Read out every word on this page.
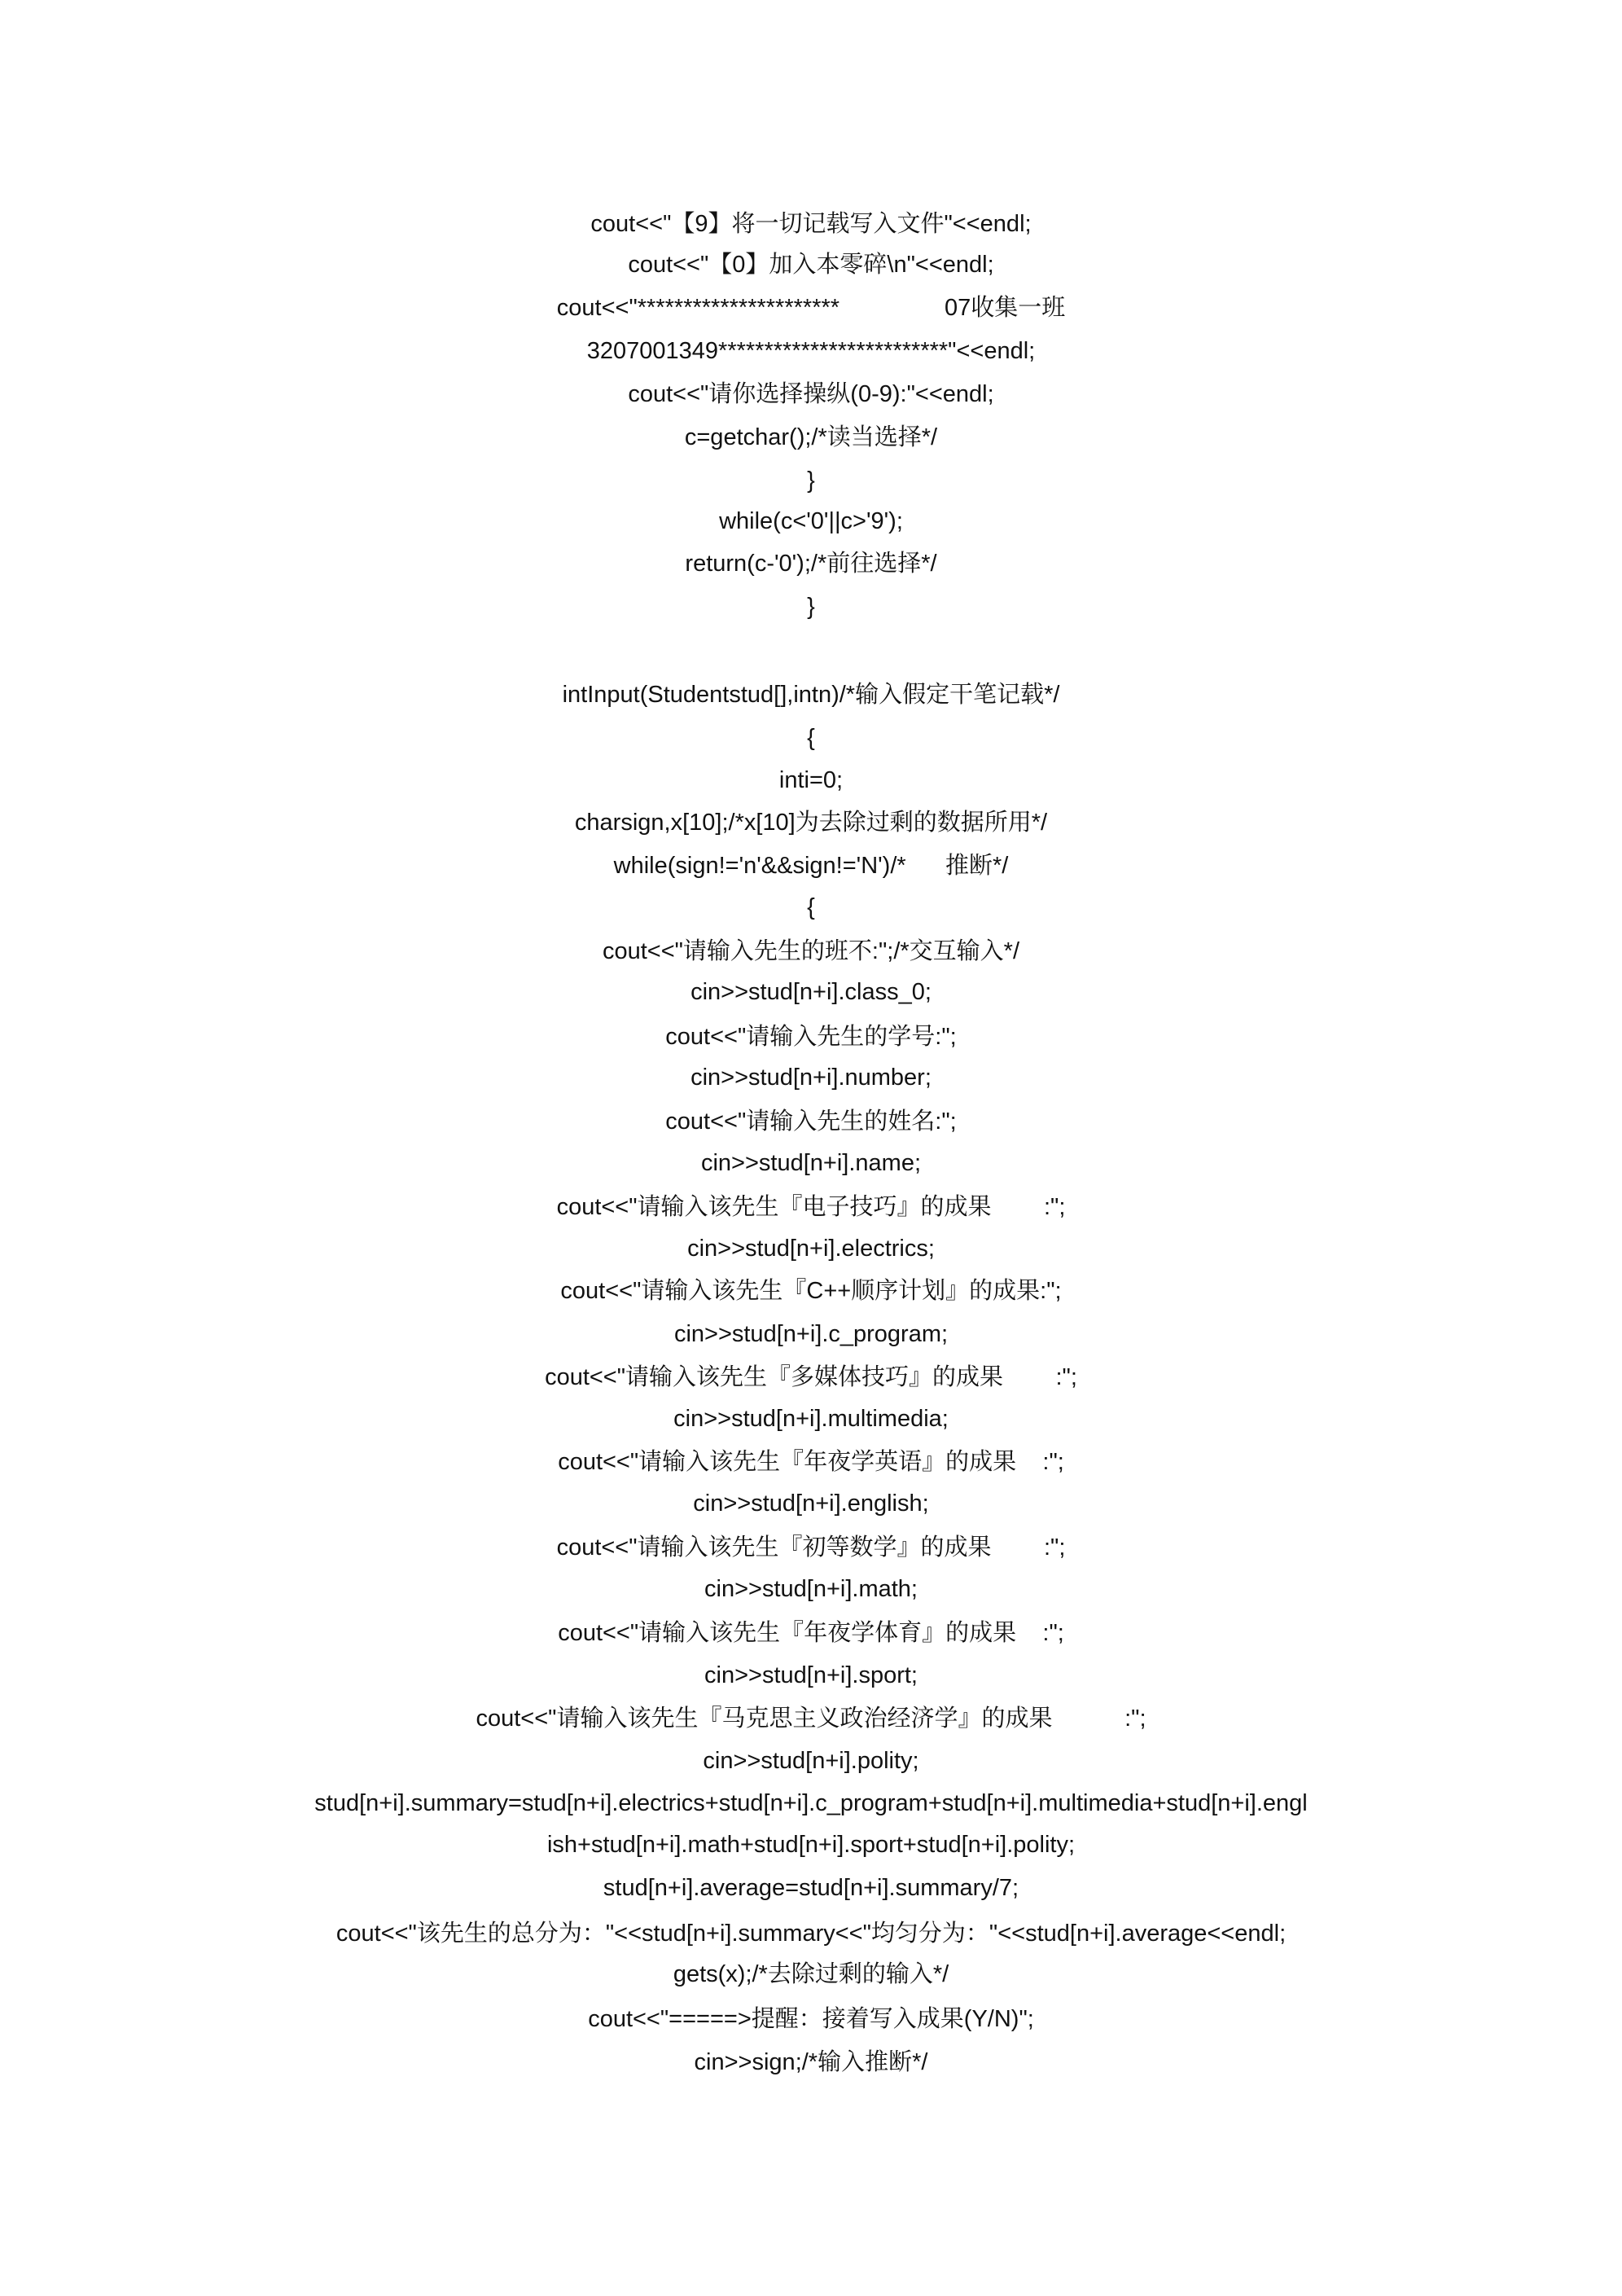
cout<<"【9】将一切记载写入文件"<<endl;
cout<<"【0】加入本零碎\n"<<endl;
cout<<"**********************                07收集一班
3207001349*************************"<<endl;
cout<<"请你选择操纵(0-9):"<<endl;
c=getchar();/*读当选择*/
}
while(c<'0'||c>'9');
return(c-'0');/*前往选择*/
}
intInput(Studentstud[],intn)/*输入假定干笔记载*/
{
inti=0;
charsign,x[10];/*x[10]为去除过剩的数据所用*/
while(sign!='n'&&sign!='N')/*      推断*/
{
cout<<"请输入先生的班不:";/*交互输入*/
cin>>stud[n+i].class_0;
cout<<"请输入先生的学号:";
cin>>stud[n+i].number;
cout<<"请输入先生的姓名:";
cin>>stud[n+i].name;
cout<<"请输入该先生『电子技巧』的成果        :";
cin>>stud[n+i].electrics;
cout<<"请输入该先生『C++顺序计划』的成果:";
cin>>stud[n+i].c_program;
cout<<"请输入该先生『多媒体技巧』的成果        :";
cin>>stud[n+i].multimedia;
cout<<"请输入该先生『年夜学英语』的成果    :";
cin>>stud[n+i].english;
cout<<"请输入该先生『初等数学』的成果        :";
cin>>stud[n+i].math;
cout<<"请输入该先生『年夜学体育』的成果    :";
cin>>stud[n+i].sport;
cout<<"请输入该先生『马克思主义政治经济学』的成果           :";
cin>>stud[n+i].polity;
stud[n+i].summary=stud[n+i].electrics+stud[n+i].c_program+stud[n+i].multimedia+stud[n+i].engl
ish+stud[n+i].math+stud[n+i].sport+stud[n+i].polity;
stud[n+i].average=stud[n+i].summary/7;
cout<<"该先生的总分为："<<stud[n+i].summary<<"均匀分为："<<stud[n+i].average<<endl;
gets(x);/*去除过剩的输入*/
cout<<"=====>提醒：接着写入成果(Y/N)";
cin>>sign;/*输入推断*/
